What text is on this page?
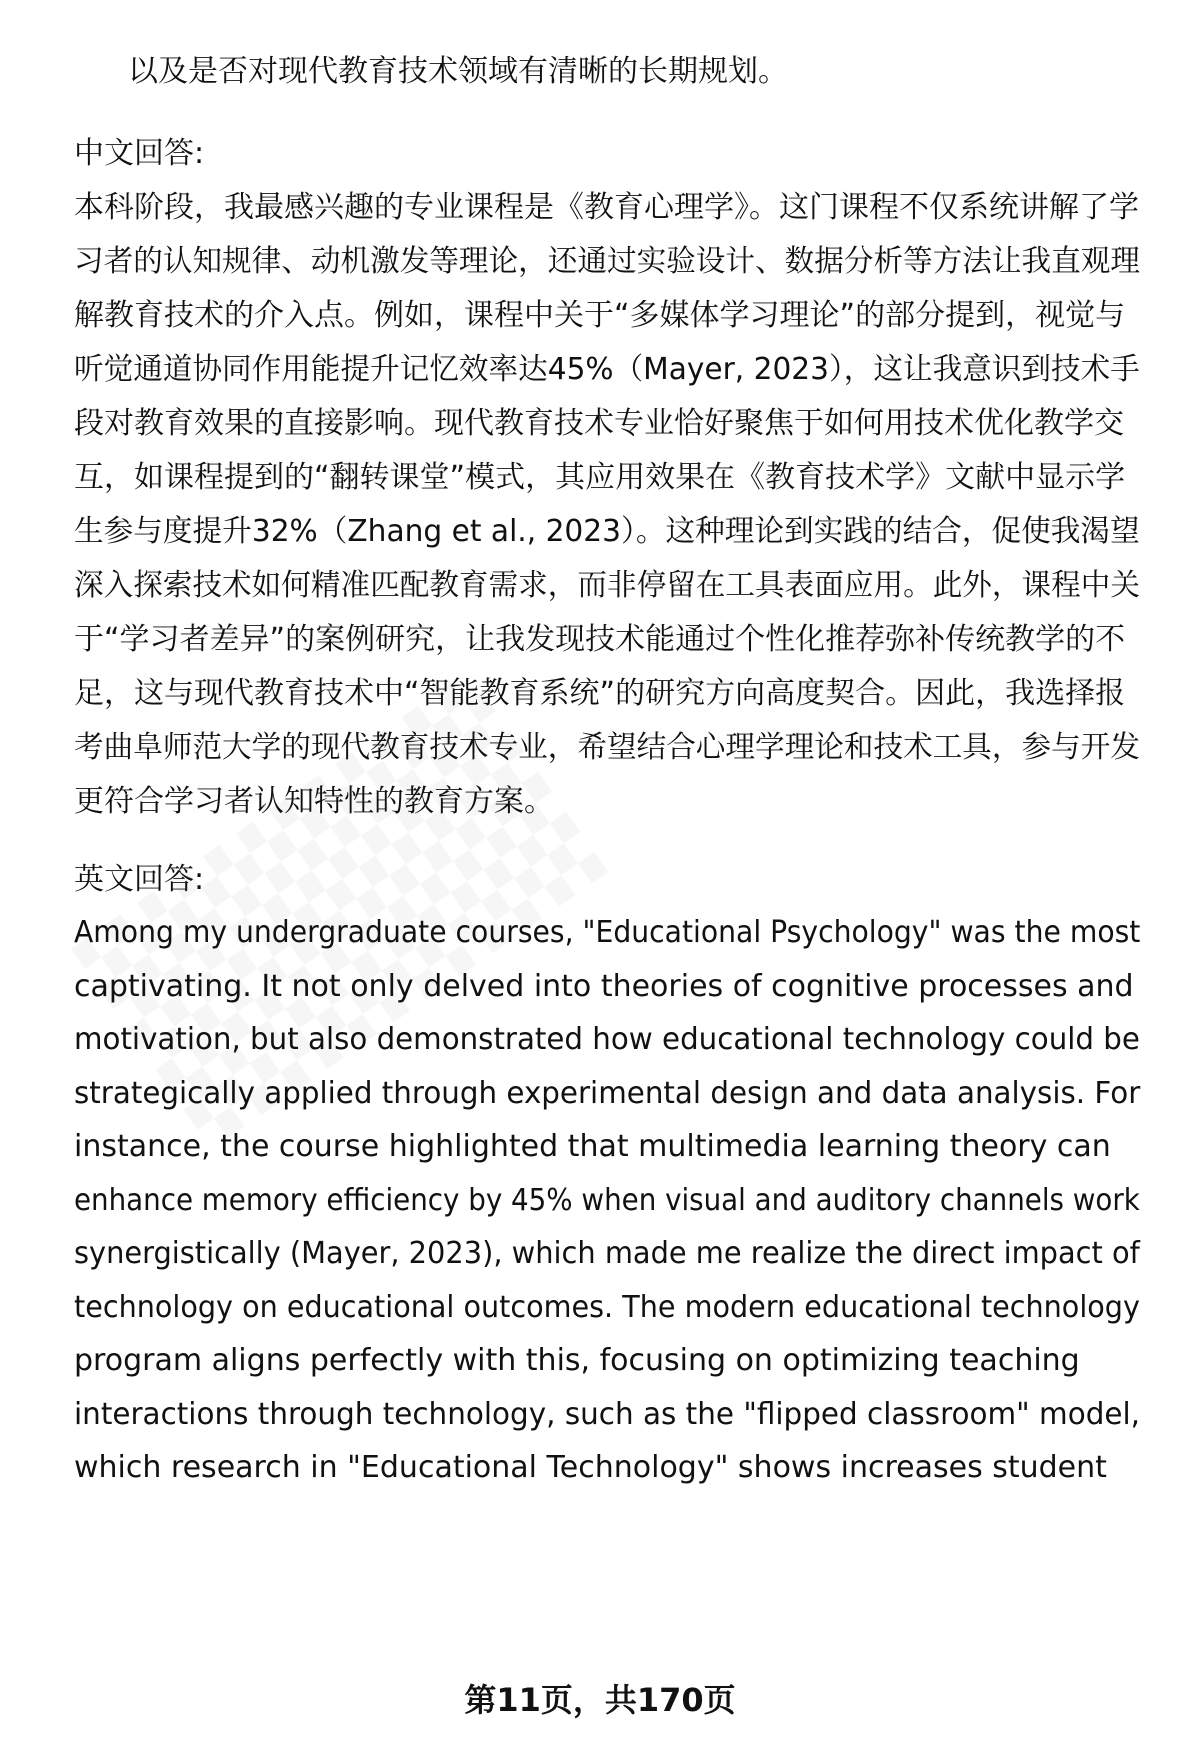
以及是否对现代教育技术领域有清晰的长期规划。
中文回答:
本科阶段，我最感兴趣的专业课程是《教育心理学》。这门课程不仅系统讲解了学
习者的认知规律、动机激发等理论，还通过实验设计、数据分析等方法让我直观理
解教育技术的介入点。例如，课程中关于“多媒体学习理论”的部分提到，视觉与
听觉通道协同作用能提升记忆效率达45%（Mayer, 2023），这让我意识到技术手
段对教育效果的直接影响。现代教育技术专业恰好聚焦于如何用技术优化教学交
互，如课程提到的“翻转课堂”模式，其应用效果在《教育技术学》文献中显示学
生参与度提升32%（Zhang et al., 2023）。这种理论到实践的结合，促使我渴望
深入探索技术如何精准匹配教育需求，而非停留在工具表面应用。此外，课程中关
于“学习者差异”的案例研究，让我发现技术能通过个性化推荐弥补传统教学的不
足，这与现代教育技术中“智能教育系统”的研究方向高度契合。因此，我选择报
考曲阜师范大学的现代教育技术专业，希望结合心理学理论和技术工具，参与开发
更符合学习者认知特性的教育方案。
英文回答:
Among my undergraduate courses, "Educational Psychology" was the most
captivating. It not only delved into theories of cognitive processes and
motivation, but also demonstrated how educational technology could be
strategically applied through experimental design and data analysis. For
instance, the course highlighted that multimedia learning theory can
enhance memory efficiency by 45% when visual and auditory channels work
synergistically (Mayer, 2023), which made me realize the direct impact of
technology on educational outcomes. The modern educational technology
program aligns perfectly with this, focusing on optimizing teaching
interactions through technology, such as the "flipped classroom" model,
which research in "Educational Technology" shows increases student
第11页，共170页
